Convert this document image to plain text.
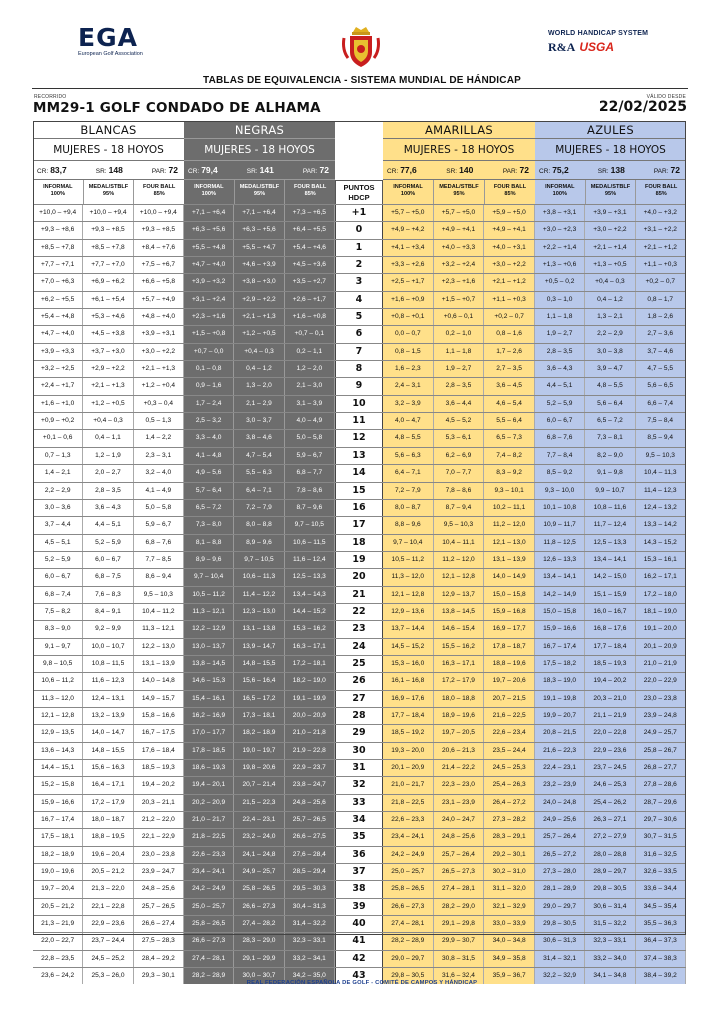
EGA
European Golf Association
WORLD HANDICAP SYSTEM
R&A USGA
TABLAS DE EQUIVALENCIA - SISTEMA MUNDIAL DE HÁNDICAP
RECORRIDO	VÁLIDO DESDE
MM29-1 GOLF CONDADO DE ALHAMA	22/02/2025
BLANCAS
MUJERES - 18 HOYOS
CR: 83,7	SR: 148	PAR: 72
INFORMAL
100%
MEDAL/STBLF
95%
FOUR BALL
85%
NEGRAS
MUJERES - 18 HOYOS
CR: 79,4	SR: 141	PAR: 72
INFORMAL
100%
MEDAL/STBLF
95%
FOUR BALL
85%
PUNTOS
HDCP
AMARILLAS
MUJERES - 18 HOYOS
CR: 77,6	SR: 140	PAR: 72
INFORMAL
100%
MEDAL/STBLF
95%
FOUR BALL
85%
AZULES
MUJERES - 18 HOYOS
CR: 75,2	SR: 138	PAR: 72
INFORMAL
100%
MEDAL/STBLF
95%
FOUR BALL
85%
+10,0 – +9,4	+10,0 – +9,4	+10,0 – +9,4	+7,1 – +6,4	+7,1 – +6,4	+7,3 – +6,5	+1	+5,7 – +5,0	+5,7 – +5,0	+5,9 – +5,0	+3,8 – +3,1	+3,9 – +3,1	+4,0 – +3,2
+9,3 – +8,6	+9,3 – +8,5	+9,3 – +8,5	+6,3 – +5,6	+6,3 – +5,6	+6,4 – +5,5	0	+4,9 – +4,2	+4,9 – +4,1	+4,9 – +4,1	+3,0 – +2,3	+3,0 – +2,2	+3,1 – +2,2
+8,5 – +7,8	+8,5 – +7,8	+8,4 – +7,6	+5,5 – +4,8	+5,5 – +4,7	+5,4 – +4,6	1	+4,1 – +3,4	+4,0 – +3,3	+4,0 – +3,1	+2,2 – +1,4	+2,1 – +1,4	+2,1 – +1,2
+7,7 – +7,1	+7,7 – +7,0	+7,5 – +6,7	+4,7 – +4,0	+4,6 – +3,9	+4,5 – +3,6	2	+3,3 – +2,6	+3,2 – +2,4	+3,0 – +2,2	+1,3 – +0,6	+1,3 – +0,5	+1,1 – +0,3
+7,0 – +6,3	+6,9 – +6,2	+6,6 – +5,8	+3,9 – +3,2	+3,8 – +3,0	+3,5 – +2,7	3	+2,5 – +1,7	+2,3 – +1,6	+2,1 – +1,2	+0,5 – 0,2	+0,4 – 0,3	+0,2 – 0,7
+6,2 – +5,5	+6,1 – +5,4	+5,7 – +4,9	+3,1 – +2,4	+2,9 – +2,2	+2,6 – +1,7	4	+1,6 – +0,9	+1,5 – +0,7	+1,1 – +0,3	0,3 – 1,0	0,4 – 1,2	0,8 – 1,7
+5,4 – +4,8	+5,3 – +4,6	+4,8 – +4,0	+2,3 – +1,6	+2,1 – +1,3	+1,6 – +0,8	5	+0,8 – +0,1	+0,6 – 0,1	+0,2 – 0,7	1,1 – 1,8	1,3 – 2,1	1,8 – 2,6
+4,7 – +4,0	+4,5 – +3,8	+3,9 – +3,1	+1,5 – +0,8	+1,2 – +0,5	+0,7 – 0,1	6	0,0 – 0,7	0,2 – 1,0	0,8 – 1,6	1,9 – 2,7	2,2 – 2,9	2,7 – 3,6
+3,9 – +3,3	+3,7 – +3,0	+3,0 – +2,2	+0,7 – 0,0	+0,4 – 0,3	0,2 – 1,1	7	0,8 – 1,5	1,1 – 1,8	1,7 – 2,6	2,8 – 3,5	3,0 – 3,8	3,7 – 4,6
+3,2 – +2,5	+2,9 – +2,2	+2,1 – +1,3	0,1 – 0,8	0,4 – 1,2	1,2 – 2,0	8	1,6 – 2,3	1,9 – 2,7	2,7 – 3,5	3,6 – 4,3	3,9 – 4,7	4,7 – 5,5
+2,4 – +1,7	+2,1 – +1,3	+1,2 – +0,4	0,9 – 1,6	1,3 – 2,0	2,1 – 3,0	9	2,4 – 3,1	2,8 – 3,5	3,6 – 4,5	4,4 – 5,1	4,8 – 5,5	5,6 – 6,5
+1,6 – +1,0	+1,2 – +0,5	+0,3 – 0,4	1,7 – 2,4	2,1 – 2,9	3,1 – 3,9	10	3,2 – 3,9	3,6 – 4,4	4,6 – 5,4	5,2 – 5,9	5,6 – 6,4	6,6 – 7,4
+0,9 – +0,2	+0,4 – 0,3	0,5 – 1,3	2,5 – 3,2	3,0 – 3,7	4,0 – 4,9	11	4,0 – 4,7	4,5 – 5,2	5,5 – 6,4	6,0 – 6,7	6,5 – 7,2	7,5 – 8,4
+0,1 – 0,6	0,4 – 1,1	1,4 – 2,2	3,3 – 4,0	3,8 – 4,6	5,0 – 5,8	12	4,8 – 5,5	5,3 – 6,1	6,5 – 7,3	6,8 – 7,6	7,3 – 8,1	8,5 – 9,4
0,7 – 1,3	1,2 – 1,9	2,3 – 3,1	4,1 – 4,8	4,7 – 5,4	5,9 – 6,7	13	5,6 – 6,3	6,2 – 6,9	7,4 – 8,2	7,7 – 8,4	8,2 – 9,0	9,5 – 10,3
1,4 – 2,1	2,0 – 2,7	3,2 – 4,0	4,9 – 5,6	5,5 – 6,3	6,8 – 7,7	14	6,4 – 7,1	7,0 – 7,7	8,3 – 9,2	8,5 – 9,2	9,1 – 9,8	10,4 – 11,3
2,2 – 2,9	2,8 – 3,5	4,1 – 4,9	5,7 – 6,4	6,4 – 7,1	7,8 – 8,6	15	7,2 – 7,9	7,8 – 8,6	9,3 – 10,1	9,3 – 10,0	9,9 – 10,7	11,4 – 12,3
3,0 – 3,6	3,6 – 4,3	5,0 – 5,8	6,5 – 7,2	7,2 – 7,9	8,7 – 9,6	16	8,0 – 8,7	8,7 – 9,4	10,2 – 11,1	10,1 – 10,8	10,8 – 11,6	12,4 – 13,2
3,7 – 4,4	4,4 – 5,1	5,9 – 6,7	7,3 – 8,0	8,0 – 8,8	9,7 – 10,5	17	8,8 – 9,6	9,5 – 10,3	11,2 – 12,0	10,9 – 11,7	11,7 – 12,4	13,3 – 14,2
4,5 – 5,1	5,2 – 5,9	6,8 – 7,6	8,1 – 8,8	8,9 – 9,6	10,6 – 11,5	18	9,7 – 10,4	10,4 – 11,1	12,1 – 13,0	11,8 – 12,5	12,5 – 13,3	14,3 – 15,2
5,2 – 5,9	6,0 – 6,7	7,7 – 8,5	8,9 – 9,6	9,7 – 10,5	11,6 – 12,4	19	10,5 – 11,2	11,2 – 12,0	13,1 – 13,9	12,6 – 13,3	13,4 – 14,1	15,3 – 16,1
6,0 – 6,7	6,8 – 7,5	8,6 – 9,4	9,7 – 10,4	10,6 – 11,3	12,5 – 13,3	20	11,3 – 12,0	12,1 – 12,8	14,0 – 14,9	13,4 – 14,1	14,2 – 15,0	16,2 – 17,1
6,8 – 7,4	7,6 – 8,3	9,5 – 10,3	10,5 – 11,2	11,4 – 12,2	13,4 – 14,3	21	12,1 – 12,8	12,9 – 13,7	15,0 – 15,8	14,2 – 14,9	15,1 – 15,9	17,2 – 18,0
7,5 – 8,2	8,4 – 9,1	10,4 – 11,2	11,3 – 12,1	12,3 – 13,0	14,4 – 15,2	22	12,9 – 13,6	13,8 – 14,5	15,9 – 16,8	15,0 – 15,8	16,0 – 16,7	18,1 – 19,0
8,3 – 9,0	9,2 – 9,9	11,3 – 12,1	12,2 – 12,9	13,1 – 13,8	15,3 – 16,2	23	13,7 – 14,4	14,6 – 15,4	16,9 – 17,7	15,9 – 16,6	16,8 – 17,6	19,1 – 20,0
9,1 – 9,7	10,0 – 10,7	12,2 – 13,0	13,0 – 13,7	13,9 – 14,7	16,3 – 17,1	24	14,5 – 15,2	15,5 – 16,2	17,8 – 18,7	16,7 – 17,4	17,7 – 18,4	20,1 – 20,9
9,8 – 10,5	10,8 – 11,5	13,1 – 13,9	13,8 – 14,5	14,8 – 15,5	17,2 – 18,1	25	15,3 – 16,0	16,3 – 17,1	18,8 – 19,6	17,5 – 18,2	18,5 – 19,3	21,0 – 21,9
10,6 – 11,2	11,6 – 12,3	14,0 – 14,8	14,6 – 15,3	15,6 – 16,4	18,2 – 19,0	26	16,1 – 16,8	17,2 – 17,9	19,7 – 20,6	18,3 – 19,0	19,4 – 20,2	22,0 – 22,9
11,3 – 12,0	12,4 – 13,1	14,9 – 15,7	15,4 – 16,1	16,5 – 17,2	19,1 – 19,9	27	16,9 – 17,6	18,0 – 18,8	20,7 – 21,5	19,1 – 19,8	20,3 – 21,0	23,0 – 23,8
12,1 – 12,8	13,2 – 13,9	15,8 – 16,6	16,2 – 16,9	17,3 – 18,1	20,0 – 20,9	28	17,7 – 18,4	18,9 – 19,6	21,6 – 22,5	19,9 – 20,7	21,1 – 21,9	23,9 – 24,8
12,9 – 13,5	14,0 – 14,7	16,7 – 17,5	17,0 – 17,7	18,2 – 18,9	21,0 – 21,8	29	18,5 – 19,2	19,7 – 20,5	22,6 – 23,4	20,8 – 21,5	22,0 – 22,8	24,9 – 25,7
13,6 – 14,3	14,8 – 15,5	17,6 – 18,4	17,8 – 18,5	19,0 – 19,7	21,9 – 22,8	30	19,3 – 20,0	20,6 – 21,3	23,5 – 24,4	21,6 – 22,3	22,9 – 23,6	25,8 – 26,7
14,4 – 15,1	15,6 – 16,3	18,5 – 19,3	18,6 – 19,3	19,8 – 20,6	22,9 – 23,7	31	20,1 – 20,9	21,4 – 22,2	24,5 – 25,3	22,4 – 23,1	23,7 – 24,5	26,8 – 27,7
15,2 – 15,8	16,4 – 17,1	19,4 – 20,2	19,4 – 20,1	20,7 – 21,4	23,8 – 24,7	32	21,0 – 21,7	22,3 – 23,0	25,4 – 26,3	23,2 – 23,9	24,6 – 25,3	27,8 – 28,6
15,9 – 16,6	17,2 – 17,9	20,3 – 21,1	20,2 – 20,9	21,5 – 22,3	24,8 – 25,6	33	21,8 – 22,5	23,1 – 23,9	26,4 – 27,2	24,0 – 24,8	25,4 – 26,2	28,7 – 29,6
16,7 – 17,4	18,0 – 18,7	21,2 – 22,0	21,0 – 21,7	22,4 – 23,1	25,7 – 26,5	34	22,6 – 23,3	24,0 – 24,7	27,3 – 28,2	24,9 – 25,6	26,3 – 27,1	29,7 – 30,6
17,5 – 18,1	18,8 – 19,5	22,1 – 22,9	21,8 – 22,5	23,2 – 24,0	26,6 – 27,5	35	23,4 – 24,1	24,8 – 25,6	28,3 – 29,1	25,7 – 26,4	27,2 – 27,9	30,7 – 31,5
18,2 – 18,9	19,6 – 20,4	23,0 – 23,8	22,6 – 23,3	24,1 – 24,8	27,6 – 28,4	36	24,2 – 24,9	25,7 – 26,4	29,2 – 30,1	26,5 – 27,2	28,0 – 28,8	31,6 – 32,5
19,0 – 19,6	20,5 – 21,2	23,9 – 24,7	23,4 – 24,1	24,9 – 25,7	28,5 – 29,4	37	25,0 – 25,7	26,5 – 27,3	30,2 – 31,0	27,3 – 28,0	28,9 – 29,7	32,6 – 33,5
19,7 – 20,4	21,3 – 22,0	24,8 – 25,6	24,2 – 24,9	25,8 – 26,5	29,5 – 30,3	38	25,8 – 26,5	27,4 – 28,1	31,1 – 32,0	28,1 – 28,9	29,8 – 30,5	33,6 – 34,4
20,5 – 21,2	22,1 – 22,8	25,7 – 26,5	25,0 – 25,7	26,6 – 27,3	30,4 – 31,3	39	26,6 – 27,3	28,2 – 29,0	32,1 – 32,9	29,0 – 29,7	30,6 – 31,4	34,5 – 35,4
21,3 – 21,9	22,9 – 23,6	26,6 – 27,4	25,8 – 26,5	27,4 – 28,2	31,4 – 32,2	40	27,4 – 28,1	29,1 – 29,8	33,0 – 33,9	29,8 – 30,5	31,5 – 32,2	35,5 – 36,3
22,0 – 22,7	23,7 – 24,4	27,5 – 28,3	26,6 – 27,3	28,3 – 29,0	32,3 – 33,1	41	28,2 – 28,9	29,9 – 30,7	34,0 – 34,8	30,6 – 31,3	32,3 – 33,1	36,4 – 37,3
22,8 – 23,5	24,5 – 25,2	28,4 – 29,2	27,4 – 28,1	29,1 – 29,9	33,2 – 34,1	42	29,0 – 29,7	30,8 – 31,5	34,9 – 35,8	31,4 – 32,1	33,2 – 34,0	37,4 – 38,3
23,6 – 24,2	25,3 – 26,0	29,3 – 30,1	28,2 – 28,9	30,0 – 30,7	34,2 – 35,0	43	29,8 – 30,5	31,6 – 32,4	35,9 – 36,7	32,2 – 32,9	34,1 – 34,8	38,4 – 39,2
REAL FEDERACIÓN ESPAÑOLA DE GOLF - COMITÉ DE CAMPOS Y HÁNDICAP
